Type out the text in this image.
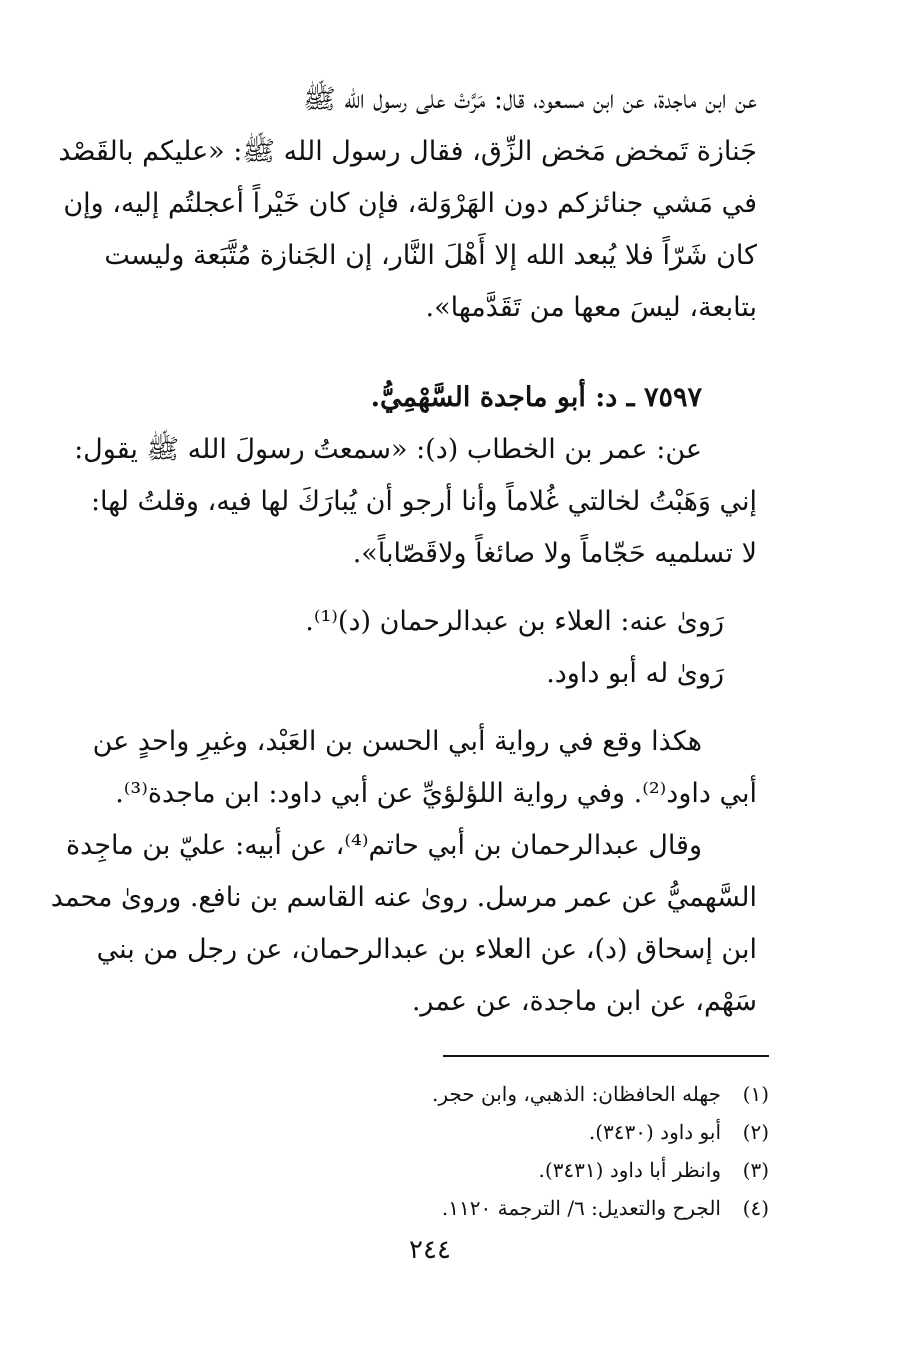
عن ابن ماجدة، عن ابن مسعود، قال: مَرَّتْ على رسول الله ﷺ
جَنازة تَمخض مَخض الزِّق، فقال رسول الله ﷺ: «عليكم بالقَصْد
في مَشي جنائزكم دون الهَرْوَلة، فإن كان خَيْراً أعجلتُم إليه، وإن
كان شَرّاً فلا يُبعد الله إلا أَهْلَ النَّار، إن الجَنازة مُتَّبَعة وليست
بتابعة، ليسَ معها من تَقَدَّمها».
٧٥٩٧ ـ د: أبو ماجدة السَّهْمِيُّ.
عن: عمر بن الخطاب (د): «سمعتُ رسولَ الله ﷺ يقول:
إني وَهَبْتُ لخالتي غُلاماً وأنا أرجو أن يُبارَكَ لها فيه، وقلتُ لها:
لا تسلميه حَجّاماً ولا صائغاً ولاقَصّاباً».
رَوىٰ عنه: العلاء بن عبدالرحمان (د)⁽¹⁾.
رَوىٰ له أبو داود.
هكذا وقع في رواية أبي الحسن بن العَبْد، وغيرِ واحدٍ عن
أبي داود⁽²⁾. وفي رواية اللؤلؤيِّ عن أبي داود: ابن ماجدة⁽³⁾.
وقال عبدالرحمان بن أبي حاتم⁽⁴⁾، عن أبيه: عليّ بن ماجِدة
السَّهميُّ عن عمر مرسل. روىٰ عنه القاسم بن نافع. وروىٰ محمد
ابن إسحاق (د)، عن العلاء بن عبدالرحمان، عن رجل من بني
سَهْم، عن ابن ماجدة، عن عمر.
(١)
جهله الحافظان: الذهبي، وابن حجر.
(٢)
أبو داود (٣٤٣٠).
(٣)
وانظر أبا داود (٣٤٣١).
(٤)
الجرح والتعديل: ٦/ الترجمة ١١٢٠.
٢٤٤
